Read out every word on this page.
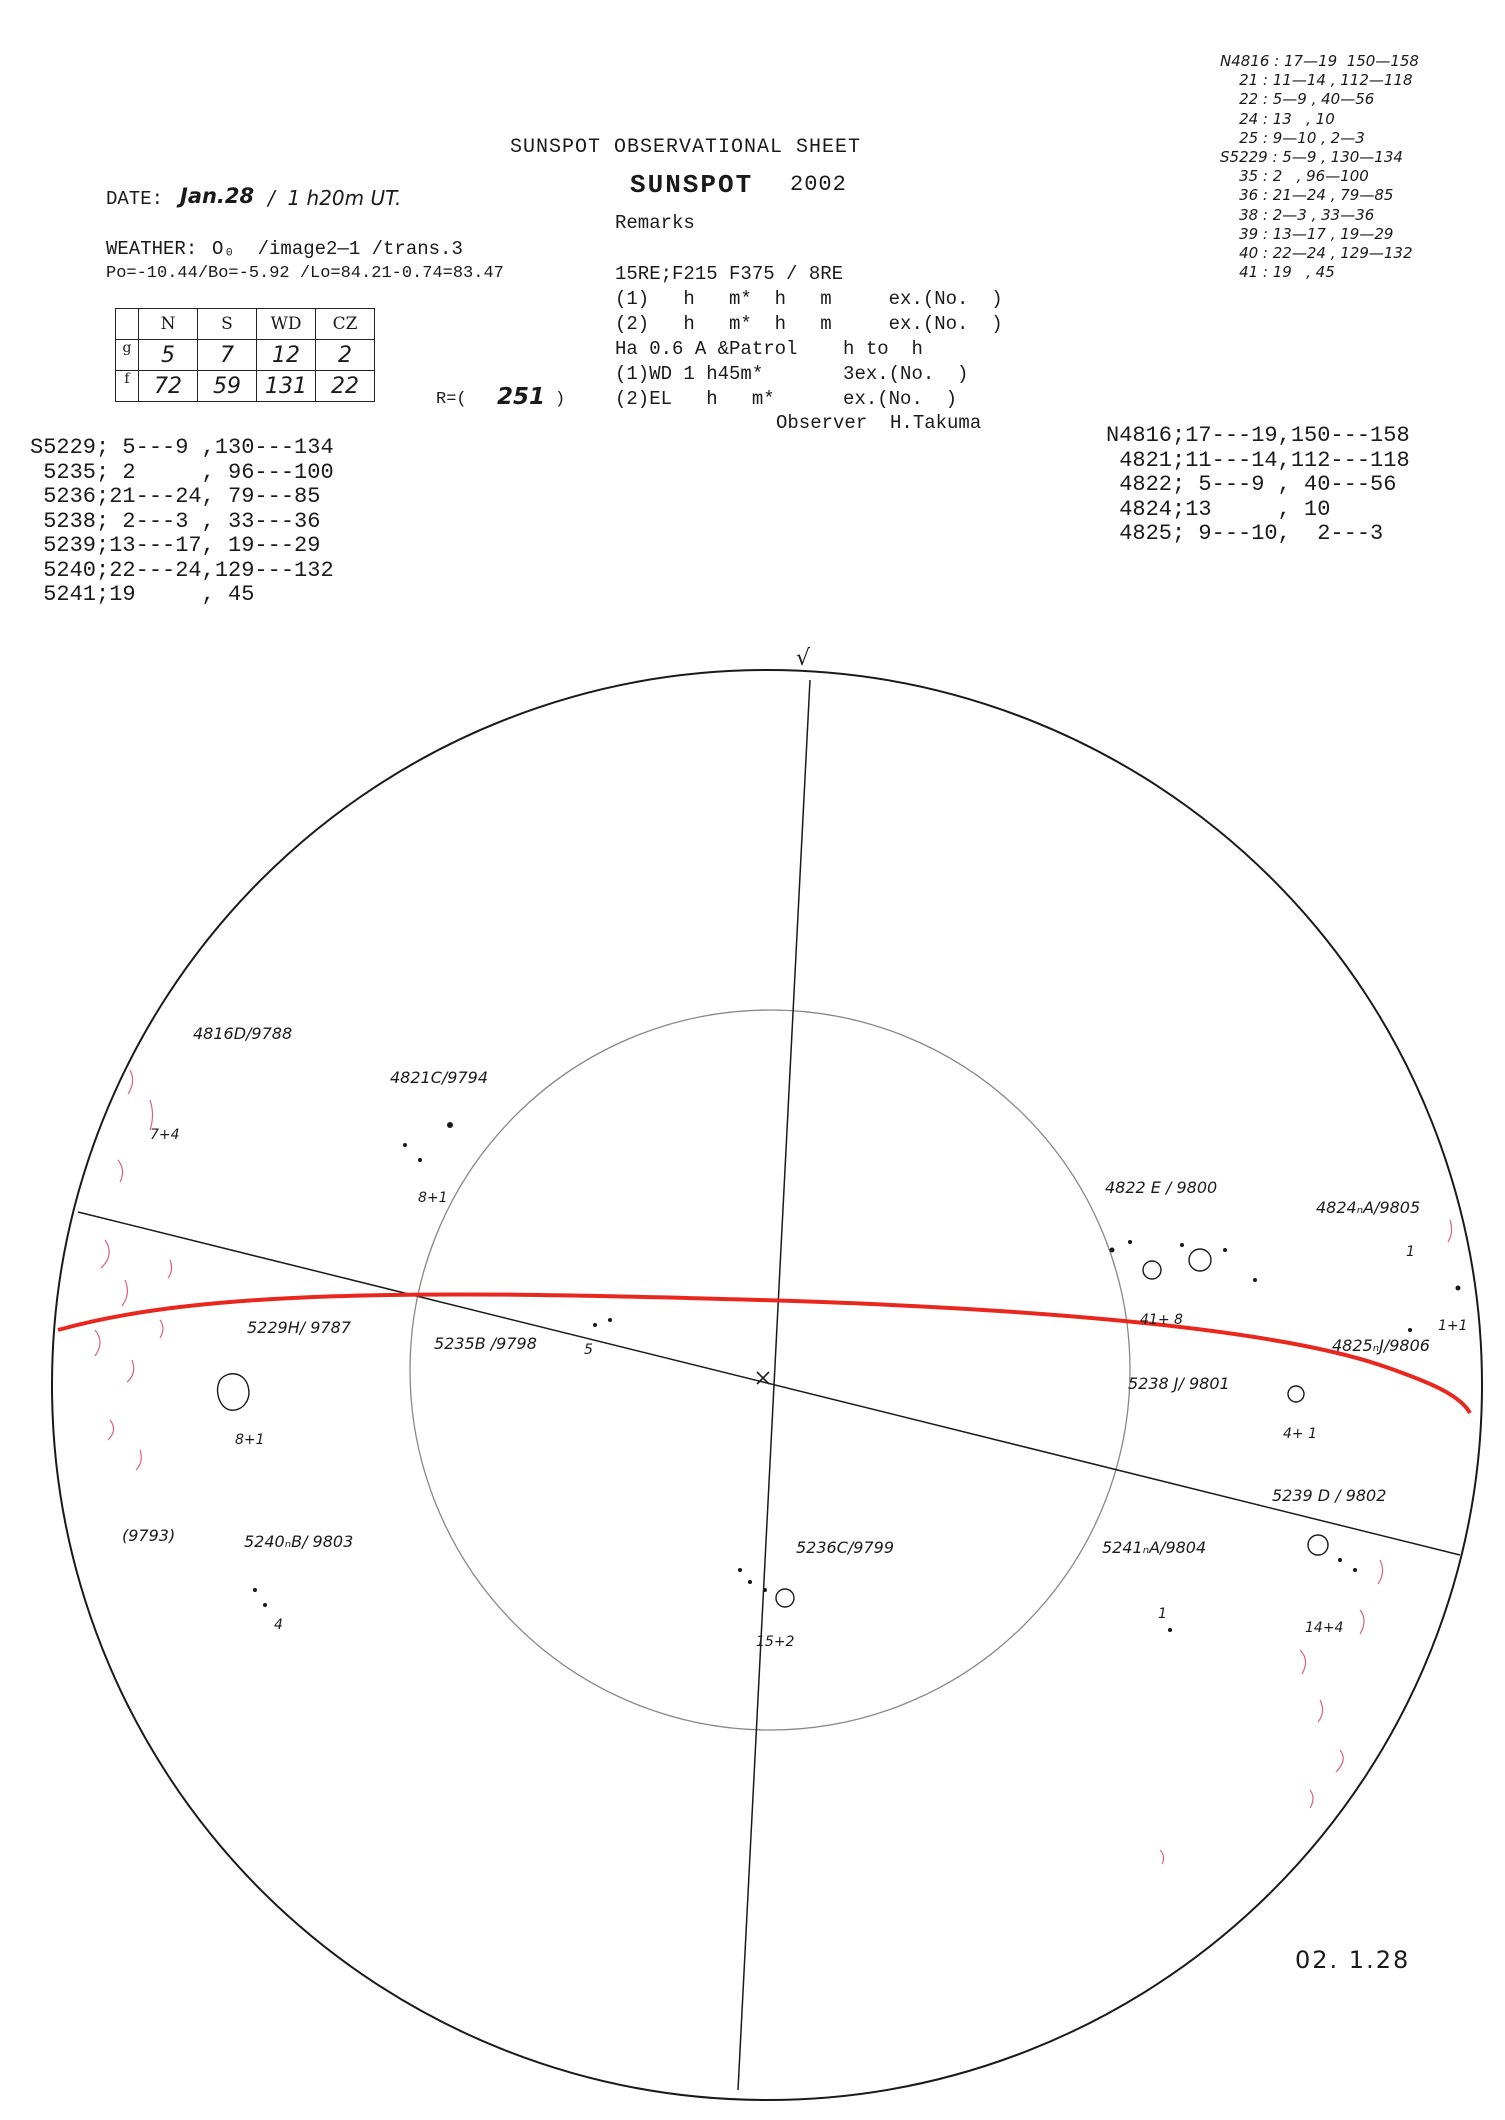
SUNSPOT OBSERVATIONAL SHEET
SUNSPOT 2002
Remarks
DATE: Jan.28 /  1 h20m UT.
WEATHER: O₀  /image2—1 /trans.3
Po=-10.44/Bo=-5.92 /Lo=84.21-0.74=83.47	15RE;F215 F375 / 8RE
(1)   h   m*  h   m     ex.(No.  )
(2)   h   m*  h   m     ex.(No.  )
Ha 0.6 A &Patrol    h to  h
(1)WD 1 h45m*       3ex.(No.  )
(2)EL   h   m*      ex.(No.  )
Observer  H.Takuma
	N	S	WD	CZ
g	5	7	12	2
f	72	59	131	22
R=( 251 )
S5229; 5---9 ,130---134
5235; 2     , 96---100
5236;21---24, 79---85
5238; 2---3 , 33---36
5239;13---17, 19---29
5240;22---24,129---132
5241;19     , 45
N4816;17---19,150---158
4821;11---14,112---118
4822; 5---9 , 40---56
4824;13     , 10
4825; 9---10,  2---3
N4816 : 17—19  150—158
21 : 11—14 , 112—118
22 : 5—9 , 40—56
24 : 13   , 10
25 : 9—10 , 2—3
S5229 : 5—9 , 130—134
35 : 2   , 96—100
36 : 21—24 , 79—85
38 : 2—3 , 33—36
39 : 13—17 , 19—29
40 : 22—24 , 129—132
41 : 19   , 45
√
4816D/9788
4821C/9794
4822 E / 9800
4824ₙA/9805
4825ₙJ/9806
5229H/ 9787
5235B /9798
5238 J/ 9801
5239 D / 9802
5240ₙB/ 9803	5241ₙA/9804
5236C/9799
(9793)
7+4
8+1
41+ 8
1
1+1
8+1
5
4+ 1
14+4
4
1
15+2
02. 1.28
